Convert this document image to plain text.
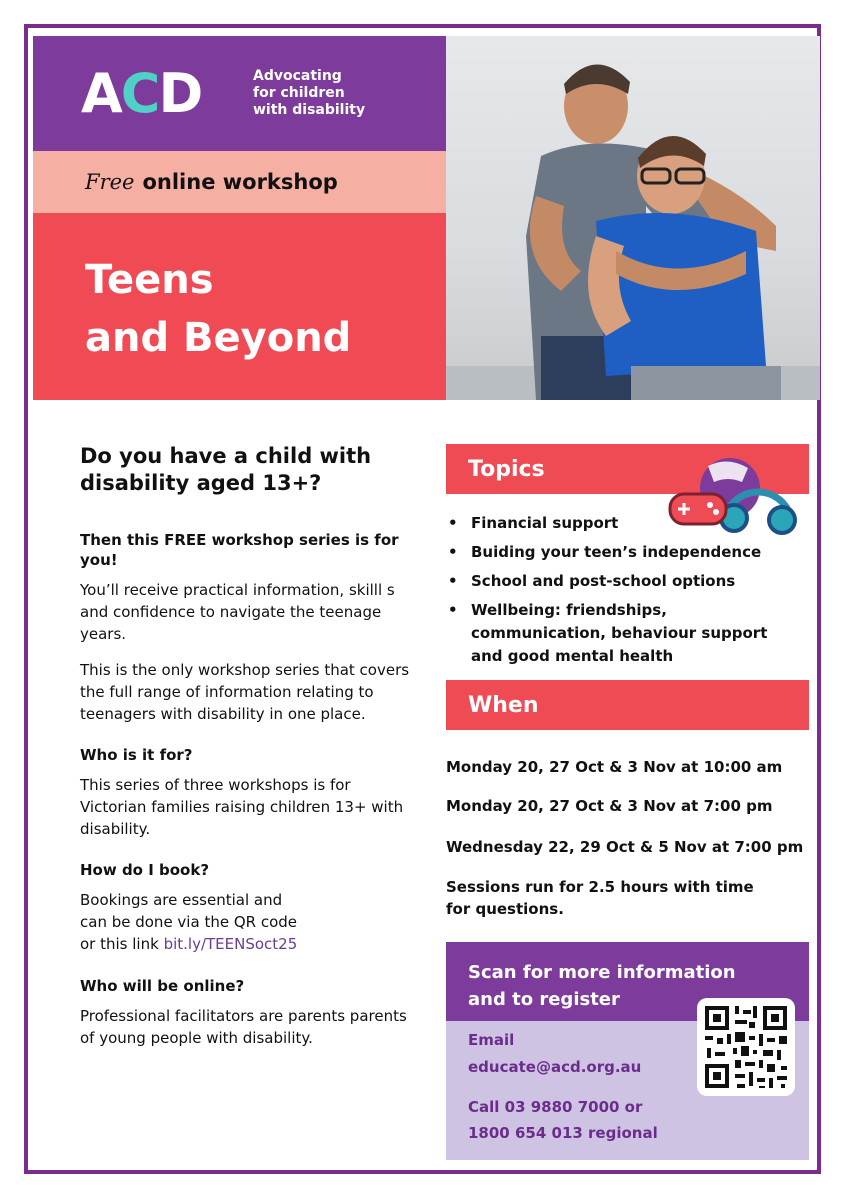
ACD	Advocating
for children
with disability
Free online workshop
Teens
and Beyond

Do you have a child with disability aged 13+?

Then this FREE workshop series is for you!

You’ll receive practical information, skilll s and confidence to navigate the teenage years.

This is the only workshop series that covers the full range of information relating to teenagers with disability in one place.

Who is it for?

This series of three workshops is for Victorian families raising children 13+ with disability.

How do I book?

Bookings are essential and
can be done via the QR code
or this link bit.ly/TEENSoct25

Who will be online?

Professional facilitators are parents parents of young people with disability.

Topics
• Financial support
• Buiding your teen’s independence
• School and post-school options
• Wellbeing: friendships, communication, behaviour support and good mental health
When

Monday 20, 27 Oct & 3 Nov at 10:00 am

Monday 20, 27 Oct & 3 Nov at 7:00 pm

Wednesday 22, 29 Oct & 5 Nov at 7:00 pm

Sessions run for 2.5 hours with time for questions.

Scan for more information
and to register

Email

educate@acd.org.au

Call 03 9880 7000 or

1800 654 013 regional
